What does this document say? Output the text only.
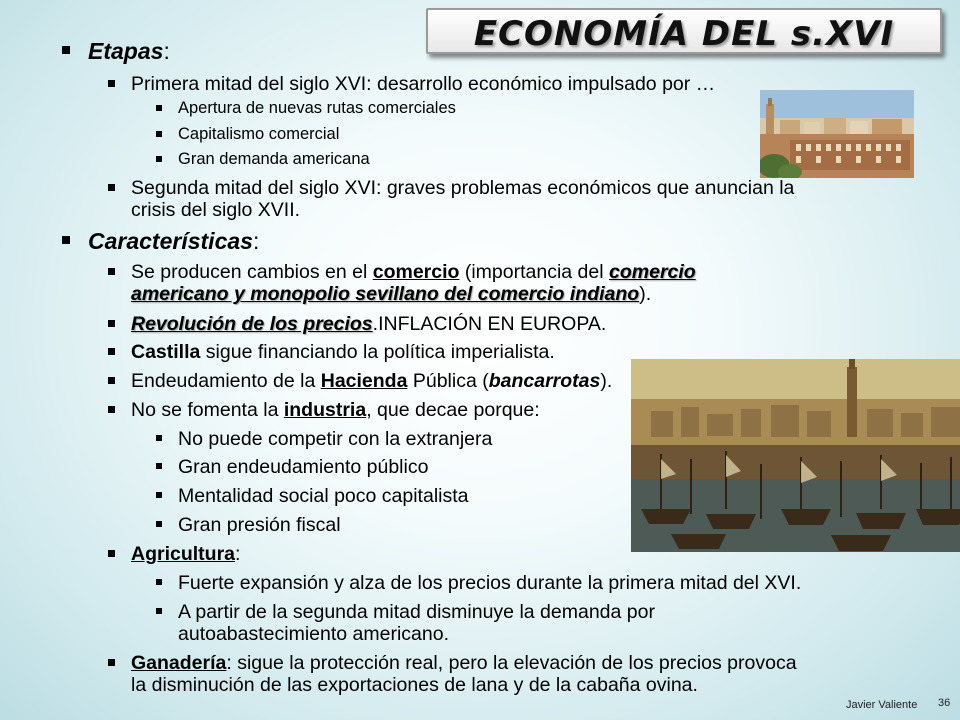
ECONOMÍA DEL s.XVI
Etapas:
Primera mitad del siglo XVI: desarrollo económico impulsado por …
Apertura de nuevas rutas comerciales
Capitalismo comercial
Gran demanda americana
Segunda mitad del siglo XVI: graves problemas económicos que anuncian la
crisis del siglo XVII.
Características:
Se producen cambios en el comercio (importancia del comercio
americano y monopolio sevillano del comercio indiano).
Revolución de los precios.INFLACIÓN EN EUROPA.
Castilla sigue financiando la política imperialista.
Endeudamiento de la Hacienda Pública (bancarrotas).
No se fomenta la industria, que decae porque:
No puede competir con la extranjera
Gran endeudamiento público
Mentalidad social poco capitalista
Gran presión fiscal
Agricultura:
Fuerte expansión y alza de los precios durante la primera mitad del XVI.
A partir de la segunda mitad disminuye la demanda por
autoabastecimiento americano.
Ganadería: sigue la protección real, pero la elevación de los precios provoca
la disminución de las exportaciones de lana y de la cabaña ovina.
Javier Valiente 36
